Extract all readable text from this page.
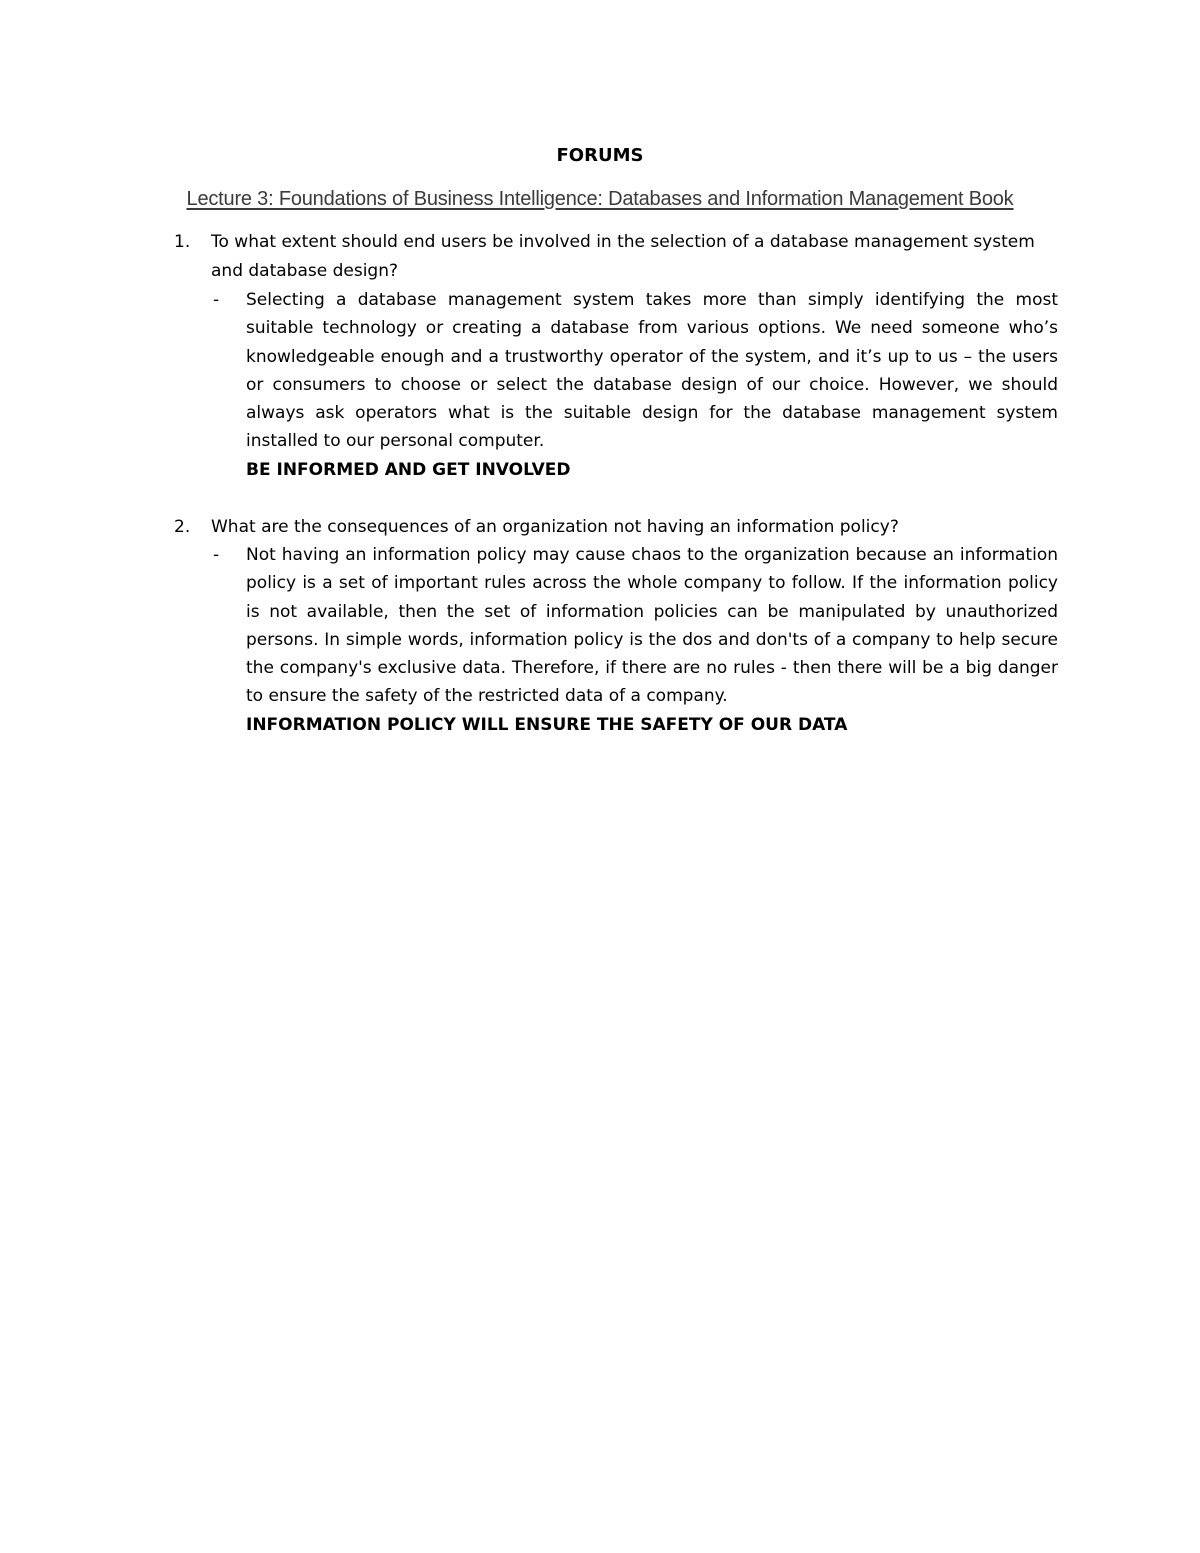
FORUMS
Lecture 3: Foundations of Business Intelligence: Databases and Information Management Book
1. To what extent should end users be involved in the selection of a database management system and database design?
- Selecting a database management system takes more than simply identifying the most suitable technology or creating a database from various options. We need someone who’s knowledgeable enough and a trustworthy operator of the system, and it’s up to us – the users or consumers to choose or select the database design of our choice. However, we should always ask operators what is the suitable design for the database management system installed to our personal computer.
BE INFORMED AND GET INVOLVED
2. What are the consequences of an organization not having an information policy?
- Not having an information policy may cause chaos to the organization because an information policy is a set of important rules across the whole company to follow. If the information policy is not available, then the set of information policies can be manipulated by unauthorized persons. In simple words, information policy is the dos and don'ts of a company to help secure the company's exclusive data. Therefore, if there are no rules - then there will be a big danger to ensure the safety of the restricted data of a company.
INFORMATION POLICY WILL ENSURE THE SAFETY OF OUR DATA
